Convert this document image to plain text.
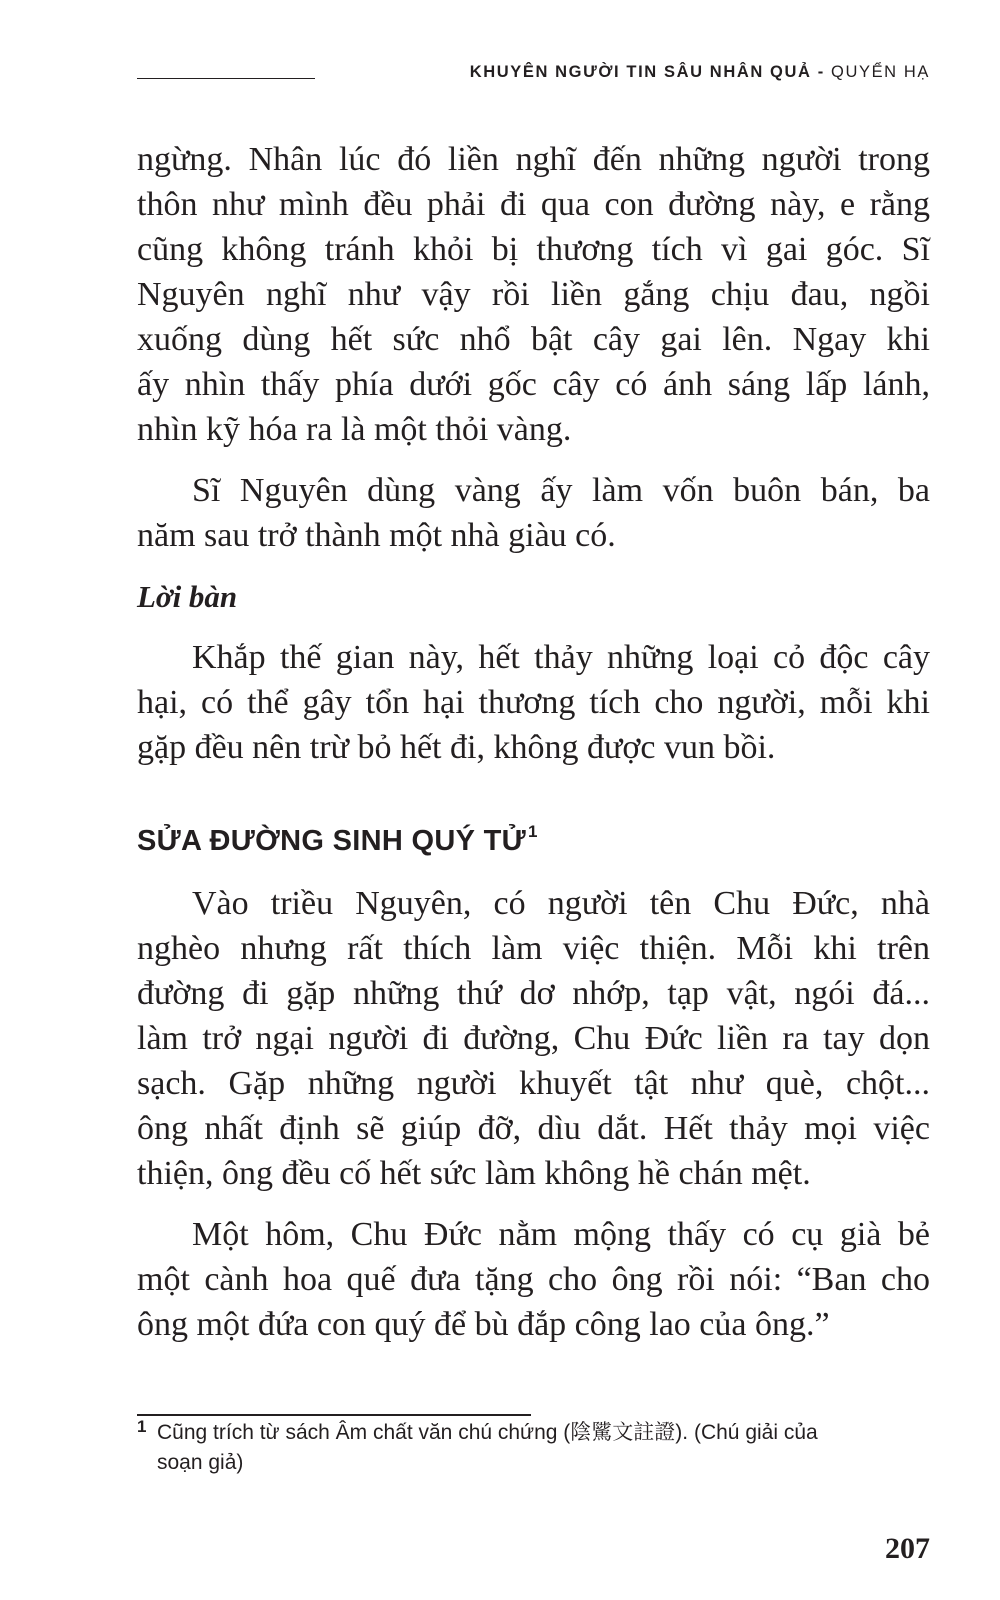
KHUYÊN NGƯỜI TIN SÂU NHÂN QUẢ - QUYỂN HẠ

ngừng. Nhân lúc đó liền nghĩ đến những người trong
thôn như mình đều phải đi qua con đường này, e rằng
cũng không tránh khỏi bị thương tích vì gai góc. Sĩ
Nguyên nghĩ như vậy rồi liền gắng chịu đau, ngồi
xuống dùng hết sức nhổ bật cây gai lên. Ngay khi
ấy nhìn thấy phía dưới gốc cây có ánh sáng lấp lánh,
nhìn kỹ hóa ra là một thỏi vàng.

Sĩ Nguyên dùng vàng ấy làm vốn buôn bán, ba
năm sau trở thành một nhà giàu có.

Lời bàn

Khắp thế gian này, hết thảy những loại cỏ độc cây
hại, có thể gây tổn hại thương tích cho người, mỗi khi
gặp đều nên trừ bỏ hết đi, không được vun bồi.

SỬA ĐƯỜNG SINH QUÝ TỬ $^1$

Vào triều Nguyên, có người tên Chu Đức, nhà
nghèo nhưng rất thích làm việc thiện. Mỗi khi trên
đường đi gặp những thứ dơ nhớp, tạp vật, ngói đá...
làm trở ngại người đi đường, Chu Đức liền ra tay dọn
sạch. Gặp những người khuyết tật như què, chột...
ông nhất định sẽ giúp đỡ, dìu dắt. Hết thảy mọi việc
thiện, ông đều cố hết sức làm không hề chán mệt.

Một hôm, Chu Đức nằm mộng thấy có cụ già bẻ
một cành hoa quế đưa tặng cho ông rồi nói: “Ban cho
ông một đứa con quý để bù đắp công lao của ông.”

1 Cũng trích từ sách Âm chất văn chú chứng (陰騭文註證). (Chú giải của
soạn giả)
207
